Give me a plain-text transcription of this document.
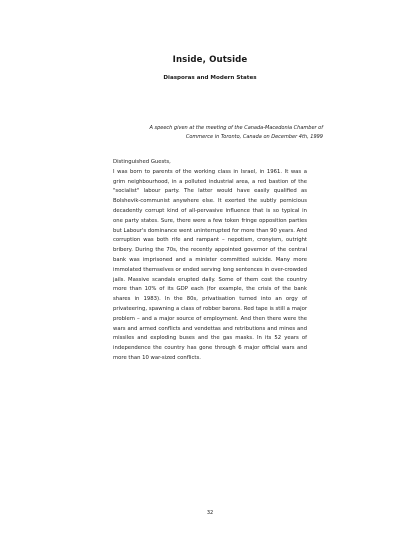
Inside, Outside
Diasporas and Modern States
A speech given at the meeting of the Canada-Macedonia Chamber of
Commerce in Toronto, Canada on December 4th, 1999

Distinguished Guests,

I was born to parents of the working class in Israel, in 1961. It was a grim neighbourhood, in a polluted industrial area, a red bastion of the "socialist" labour party. The latter would have easily qualified as Bolshevik-communist anywhere else. It exerted the subtly pernicious decadently corrupt kind of all-pervasive influence that is so typical in one party states. Sure, there were a few token fringe opposition parties but Labour's dominance went uninterrupted for more than 90 years. And corruption was both rife and rampant – nepotism, cronyism, outright bribery. During the 70s, the recently appointed governor of the central bank was imprisoned and a minister committed suicide. Many more immolated themselves or ended serving long sentences in over-crowded jails. Massive scandals erupted daily. Some of them cost the country more than 10% of its GDP each (for example, the crisis of the bank shares in 1983). In the 80s, privatisation turned into an orgy of privateering, spawning a class of robber barons. Red tape is still a major problem – and a major source of employment. And then there were the wars and armed conflicts and vendettas and retributions and mines and missiles and exploding buses and the gas masks. In its 52 years of independence the country has gone through 6 major official wars and more than 10 war-sized conflicts.

32
